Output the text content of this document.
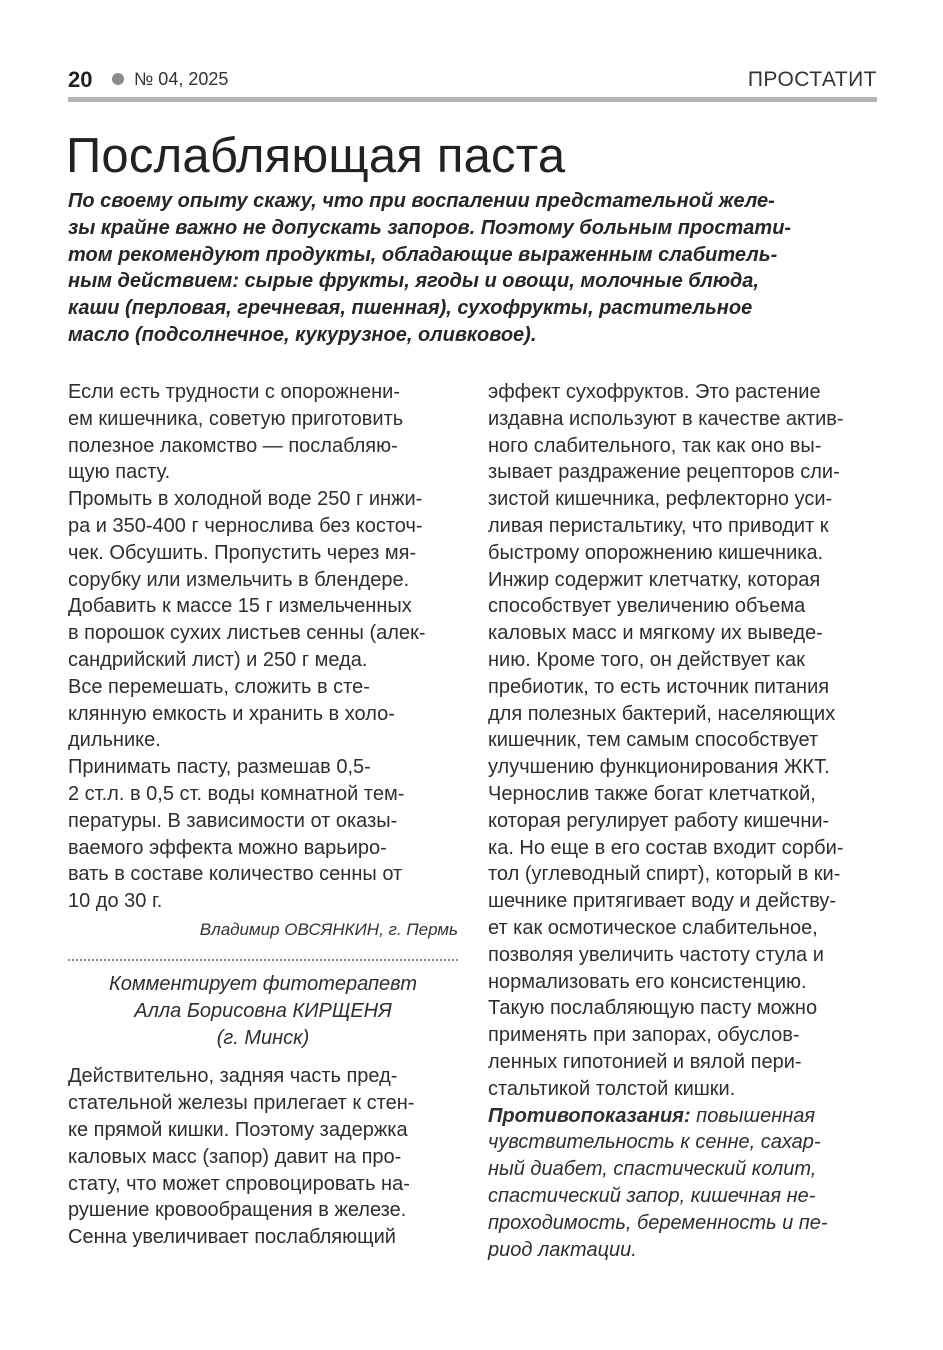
20 № 04, 2025	ПРОСТАТИТ
Послабляющая паста
По своему опыту скажу, что при воспалении предстательной желе-
зы крайне важно не допускать запоров. Поэтому больным простати-
том рекомендуют продукты, обладающие выраженным слабитель-
ным действием: сырые фрукты, ягоды и овощи, молочные блюда,
каши (перловая, гречневая, пшенная), сухофрукты, растительное
масло (подсолнечное, кукурузное, оливковое).
Если есть трудности с опорожнени-
ем кишечника, советую приготовить
полезное лакомство — послабляю-
щую пасту.
Промыть в холодной воде 250 г инжи-
ра и 350-400 г чернослива без косточ-
чек. Обсушить. Пропустить через мя-
сорубку или измельчить в блендере.
Добавить к массе 15 г измельченных
в порошок сухих листьев сенны (алек-
сандрийский лист) и 250 г меда.
Все перемешать, сложить в сте-
клянную емкость и хранить в холо-
дильнике.
Принимать пасту, размешав 0,5-
2 ст.л. в 0,5 ст. воды комнатной тем-
пературы. В зависимости от оказы-
ваемого эффекта можно варьиро-
вать в составе количество сенны от
10 до 30 г.
Владимир ОВСЯНКИН, г. Пермь
Комментирует фитотерапевт
Алла Борисовна КИРЩЕНЯ
(г. Минск)
Действительно, задняя часть пред-
стательной железы прилегает к стен-
ке прямой кишки. Поэтому задержка
каловых масс (запор) давит на про-
стату, что может спровоцировать на-
рушение кровообращения в железе.
Сенна увеличивает послабляющий
эффект сухофруктов. Это растение
издавна используют в качестве актив-
ного слабительного, так как оно вы-
зывает раздражение рецепторов сли-
зистой кишечника, рефлекторно уси-
ливая перистальтику, что приводит к
быстрому опорожнению кишечника.
Инжир содержит клетчатку, которая
способствует увеличению объема
каловых масс и мягкому их выведе-
нию. Кроме того, он действует как
пребиотик, то есть источник питания
для полезных бактерий, населяющих
кишечник, тем самым способствует
улучшению функционирования ЖКТ.
Чернослив также богат клетчаткой,
которая регулирует работу кишечни-
ка. Но еще в его состав входит сорби-
тол (углеводный спирт), который в ки-
шечнике притягивает воду и действу-
ет как осмотическое слабительное,
позволяя увеличить частоту стула и
нормализовать его консистенцию.
Такую послабляющую пасту можно
применять при запорах, обуслов-
ленных гипотонией и вялой пери-
стальтикой толстой кишки.
Противопоказания: повышенная
чувствительность к сенне, сахар-
ный диабет, спастический колит,
спастический запор, кишечная не-
проходимость, беременность и пе-
риод лактации.
